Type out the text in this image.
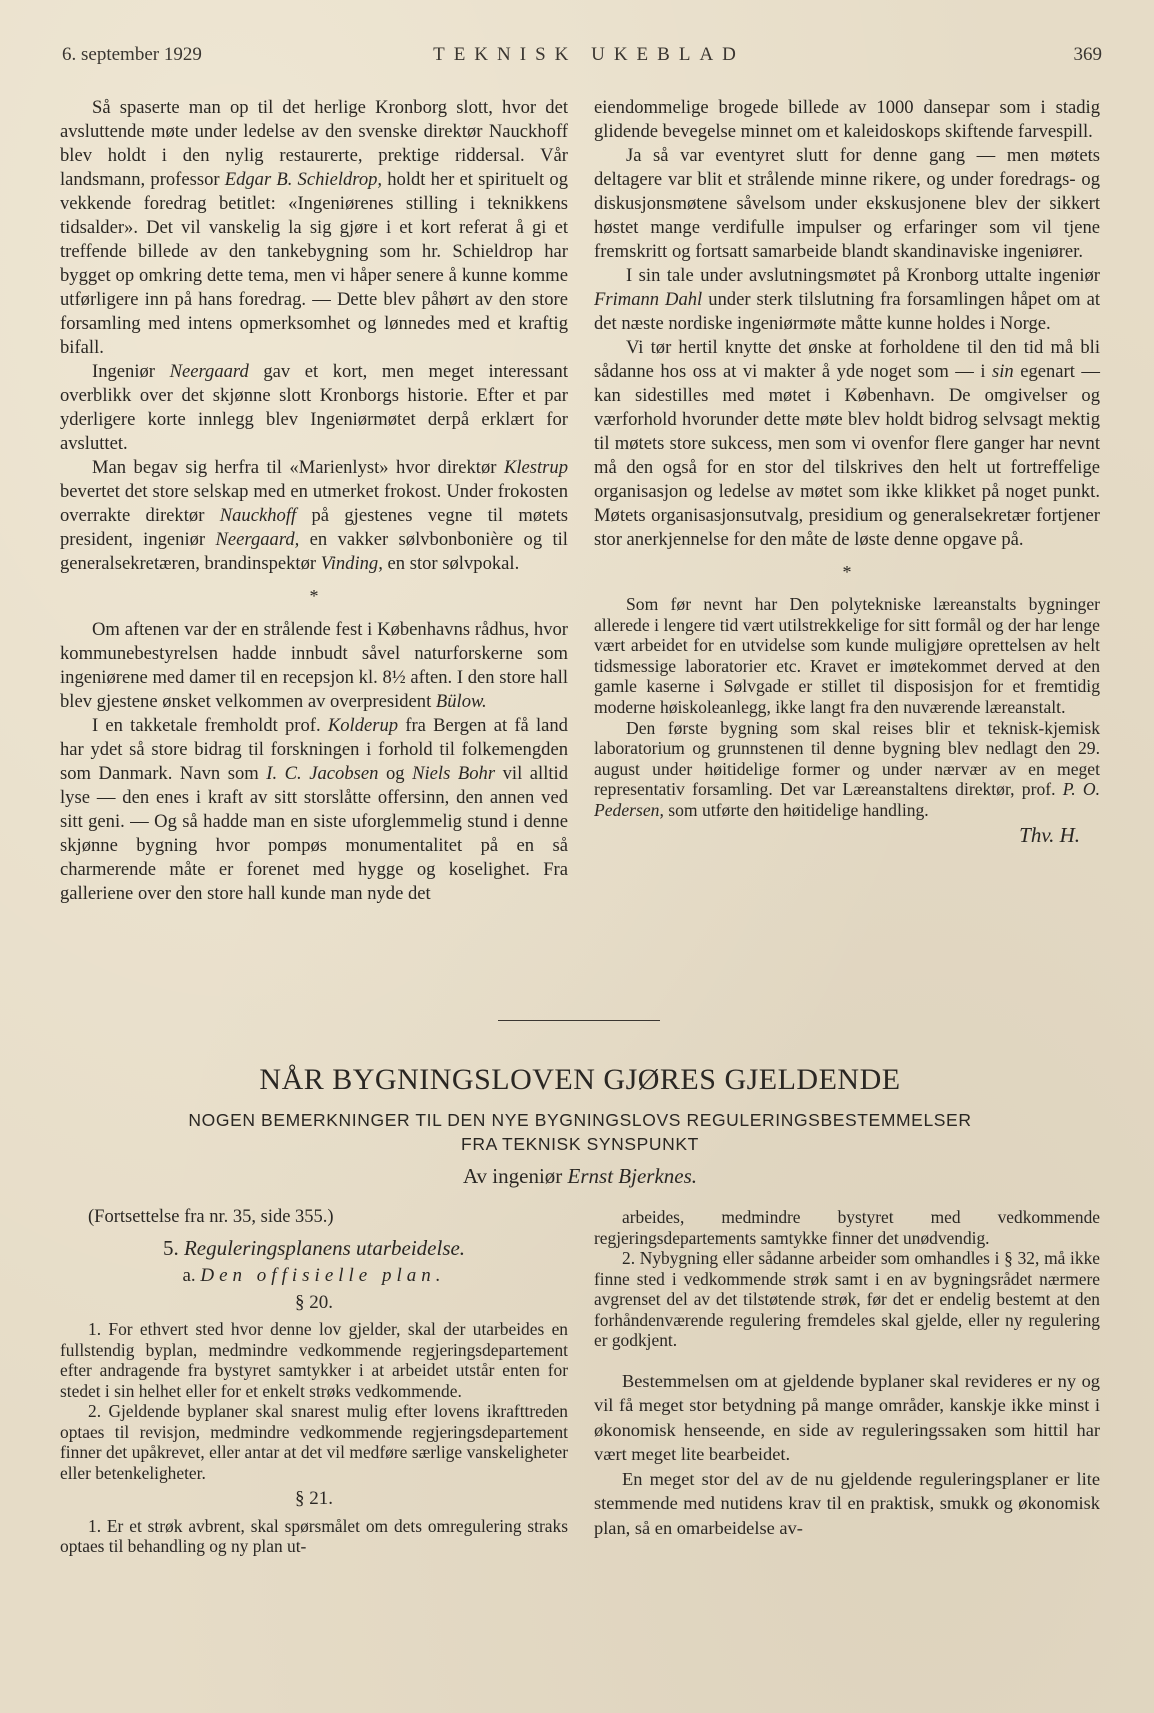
6. september 1929	TEKNISK UKEBLAD	369

Så spaserte man op til det herlige Kronborg slott, hvor det avsluttende møte under ledelse av den svenske direktør Nauckhoff blev holdt i den nylig restaurerte, prektige riddersal. Vår landsmann, professor Edgar B. Schieldrop, holdt her et spirituelt og vekkende foredrag betitlet: «Ingeniørenes stilling i teknikkens tidsalder». Det vil vanskelig la sig gjøre i et kort referat å gi et treffende billede av den tankebygning som hr. Schieldrop har bygget op omkring dette tema, men vi håper senere å kunne komme utførligere inn på hans foredrag. — Dette blev påhørt av den store forsamling med intens opmerksomhet og lønnedes med et kraftig bifall.

Ingeniør Neergaard gav et kort, men meget interessant overblikk over det skjønne slott Kronborgs historie. Efter et par yderligere korte innlegg blev Ingeniørmøtet derpå erklært for avsluttet.

Man begav sig herfra til «Marienlyst» hvor direktør Klestrup bevertet det store selskap med en utmerket frokost. Under frokosten overrakte direktør Nauckhoff på gjestenes vegne til møtets president, ingeniør Neergaard, en vakker sølvbonbonière og til generalsekretæren, brandinspektør Vinding, en stor sølvpokal.

*

Om aftenen var der en strålende fest i Københavns rådhus, hvor kommunebestyrelsen hadde innbudt såvel naturforskerne som ingeniørene med damer til en recepsjon kl. 8½ aften. I den store hall blev gjestene ønsket velkommen av overpresident Bülow.

I en takketale fremholdt prof. Kolderup fra Bergen at få land har ydet så store bidrag til forskningen i forhold til folkemengden som Danmark. Navn som I. C. Jacobsen og Niels Bohr vil alltid lyse — den enes i kraft av sitt storslåtte offersinn, den annen ved sitt geni. — Og så hadde man en siste uforglemmelig stund i denne skjønne bygning hvor pompøs monumentalitet på en så charmerende måte er forenet med hygge og koselighet. Fra galleriene over den store hall kunde man nyde det

eiendommelige brogede billede av 1000 dansepar som i stadig glidende bevegelse minnet om et kaleidoskops skiftende farvespill.

Ja så var eventyret slutt for denne gang — men møtets deltagere var blit et strålende minne rikere, og under foredrags- og diskusjonsmøtene såvelsom under ekskusjonene blev der sikkert høstet mange verdifulle impulser og erfaringer som vil tjene fremskritt og fortsatt samarbeide blandt skandinaviske ingeniører.

I sin tale under avslutningsmøtet på Kronborg uttalte ingeniør Frimann Dahl under sterk tilslutning fra forsamlingen håpet om at det næste nordiske ingeniørmøte måtte kunne holdes i Norge.

Vi tør hertil knytte det ønske at forholdene til den tid må bli sådanne hos oss at vi makter å yde noget som — i sin egenart — kan sidestilles med møtet i København. De omgivelser og værforhold hvorunder dette møte blev holdt bidrog selvsagt mektig til møtets store sukcess, men som vi ovenfor flere ganger har nevnt må den også for en stor del tilskrives den helt ut fortreffelige organisasjon og ledelse av møtet som ikke klikket på noget punkt. Møtets organisasjonsutvalg, presidium og generalsekretær fortjener stor anerkjennelse for den måte de løste denne opgave på.

*

Som før nevnt har Den polytekniske læreanstalts bygninger allerede i lengere tid vært utilstrekkelige for sitt formål og der har lenge vært arbeidet for en utvidelse som kunde muligjøre oprettelsen av helt tidsmessige laboratorier etc. Kravet er imøtekommet derved at den gamle kaserne i Sølvgade er stillet til disposisjon for et fremtidig moderne høiskoleanlegg, ikke langt fra den nuværende læreanstalt.

Den første bygning som skal reises blir et teknisk-kjemisk laboratorium og grunnstenen til denne bygning blev nedlagt den 29. august under høitidelige former og under nærvær av en meget representativ forsamling. Det var Læreanstaltens direktør, prof. P. O. Pedersen, som utførte den høitidelige handling.

Thv. H.

NÅR BYGNINGSLOVEN GJØRES GJELDENDE
NOGEN BEMERKNINGER TIL DEN NYE BYGNINGSLOVS REGULERINGSBESTEMMELSER
FRA TEKNISK SYNSPUNKT
Av ingeniør Ernst Bjerknes.

(Fortsettelse fra nr. 35, side 355.)

5. Reguleringsplanens utarbeidelse.
a. Den offisielle plan.
§ 20.

1. For ethvert sted hvor denne lov gjelder, skal der utarbeides en fullstendig byplan, medmindre vedkommende regjeringsdepartement efter andragende fra bystyret samtykker i at arbeidet utstår enten for stedet i sin helhet eller for et enkelt strøks vedkommende.

2. Gjeldende byplaner skal snarest mulig efter lovens ikrafttreden optaes til revisjon, medmindre vedkommende regjeringsdepartement finner det upåkrevet, eller antar at det vil medføre særlige vanskeligheter eller betenkeligheter.

§ 21.

1. Er et strøk avbrent, skal spørsmålet om dets omregulering straks optaes til behandling og ny plan ut-

arbeides, medmindre bystyret med vedkommende regjeringsdepartements samtykke finner det unødvendig.

2. Nybygning eller sådanne arbeider som omhandles i § 32, må ikke finne sted i vedkommende strøk samt i en av bygningsrådet nærmere avgrenset del av det tilstøtende strøk, før det er endelig bestemt at den forhåndenværende regulering fremdeles skal gjelde, eller ny regulering er godkjent.

Bestemmelsen om at gjeldende byplaner skal revideres er ny og vil få meget stor betydning på mange områder, kanskje ikke minst i økonomisk henseende, en side av reguleringssaken som hittil har vært meget lite bearbeidet.

En meget stor del av de nu gjeldende reguleringsplaner er lite stemmende med nutidens krav til en praktisk, smukk og økonomisk plan, så en omarbeidelse av-
